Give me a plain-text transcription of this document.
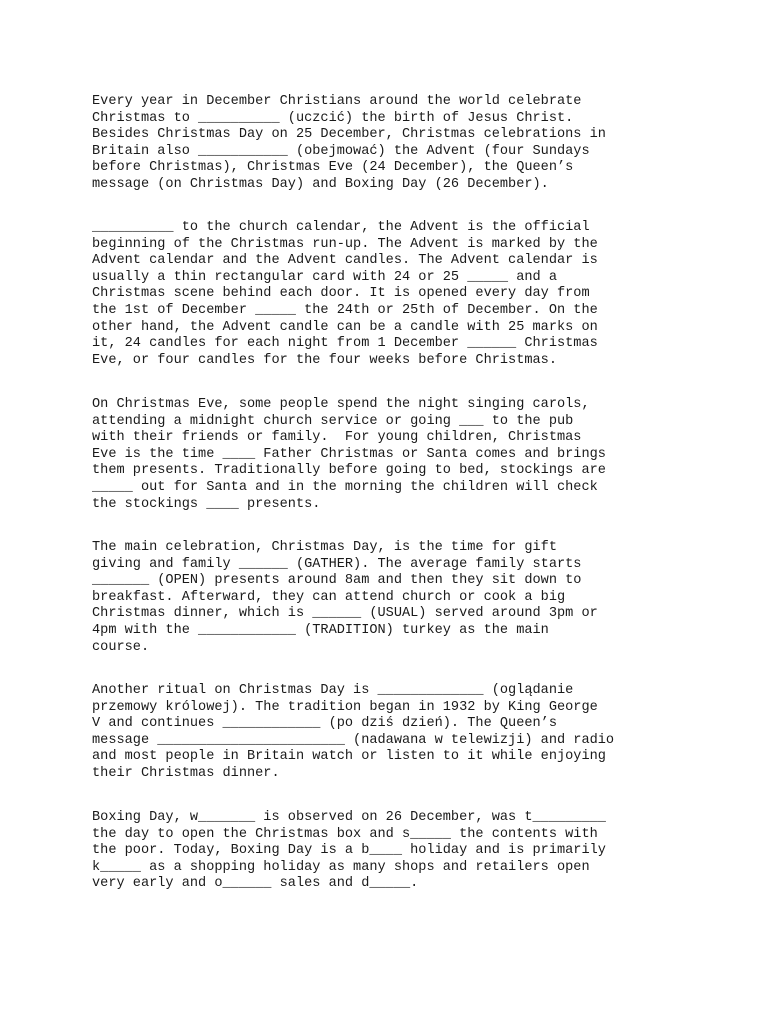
Every year in December Christians around the world celebrate
Christmas to __________ (uczcić) the birth of Jesus Christ.
Besides Christmas Day on 25 December, Christmas celebrations in
Britain also ___________ (obejmować) the Advent (four Sundays
before Christmas), Christmas Eve (24 December), the Queen’s
message (on Christmas Day) and Boxing Day (26 December).
__________ to the church calendar, the Advent is the official
beginning of the Christmas run-up. The Advent is marked by the
Advent calendar and the Advent candles. The Advent calendar is
usually a thin rectangular card with 24 or 25 _____ and a
Christmas scene behind each door. It is opened every day from
the 1st of December _____ the 24th or 25th of December. On the
other hand, the Advent candle can be a candle with 25 marks on
it, 24 candles for each night from 1 December ______ Christmas
Eve, or four candles for the four weeks before Christmas.
On Christmas Eve, some people spend the night singing carols,
attending a midnight church service or going ___ to the pub
with their friends or family.  For young children, Christmas
Eve is the time ____ Father Christmas or Santa comes and brings
them presents. Traditionally before going to bed, stockings are
_____ out for Santa and in the morning the children will check
the stockings ____ presents.
The main celebration, Christmas Day, is the time for gift
giving and family ______ (GATHER). The average family starts
_______ (OPEN) presents around 8am and then they sit down to
breakfast. Afterward, they can attend church or cook a big
Christmas dinner, which is ______ (USUAL) served around 3pm or
4pm with the ____________ (TRADITION) turkey as the main
course.
Another ritual on Christmas Day is _____________ (oglądanie
przemowy królowej). The tradition began in 1932 by King George
V and continues ____________ (po dziś dzień). The Queen’s
message _______________________ (nadawana w telewizji) and radio
and most people in Britain watch or listen to it while enjoying
their Christmas dinner.
Boxing Day, w_______ is observed on 26 December, was t_________
the day to open the Christmas box and s_____ the contents with
the poor. Today, Boxing Day is a b____ holiday and is primarily
k_____ as a shopping holiday as many shops and retailers open
very early and o______ sales and d_____.
